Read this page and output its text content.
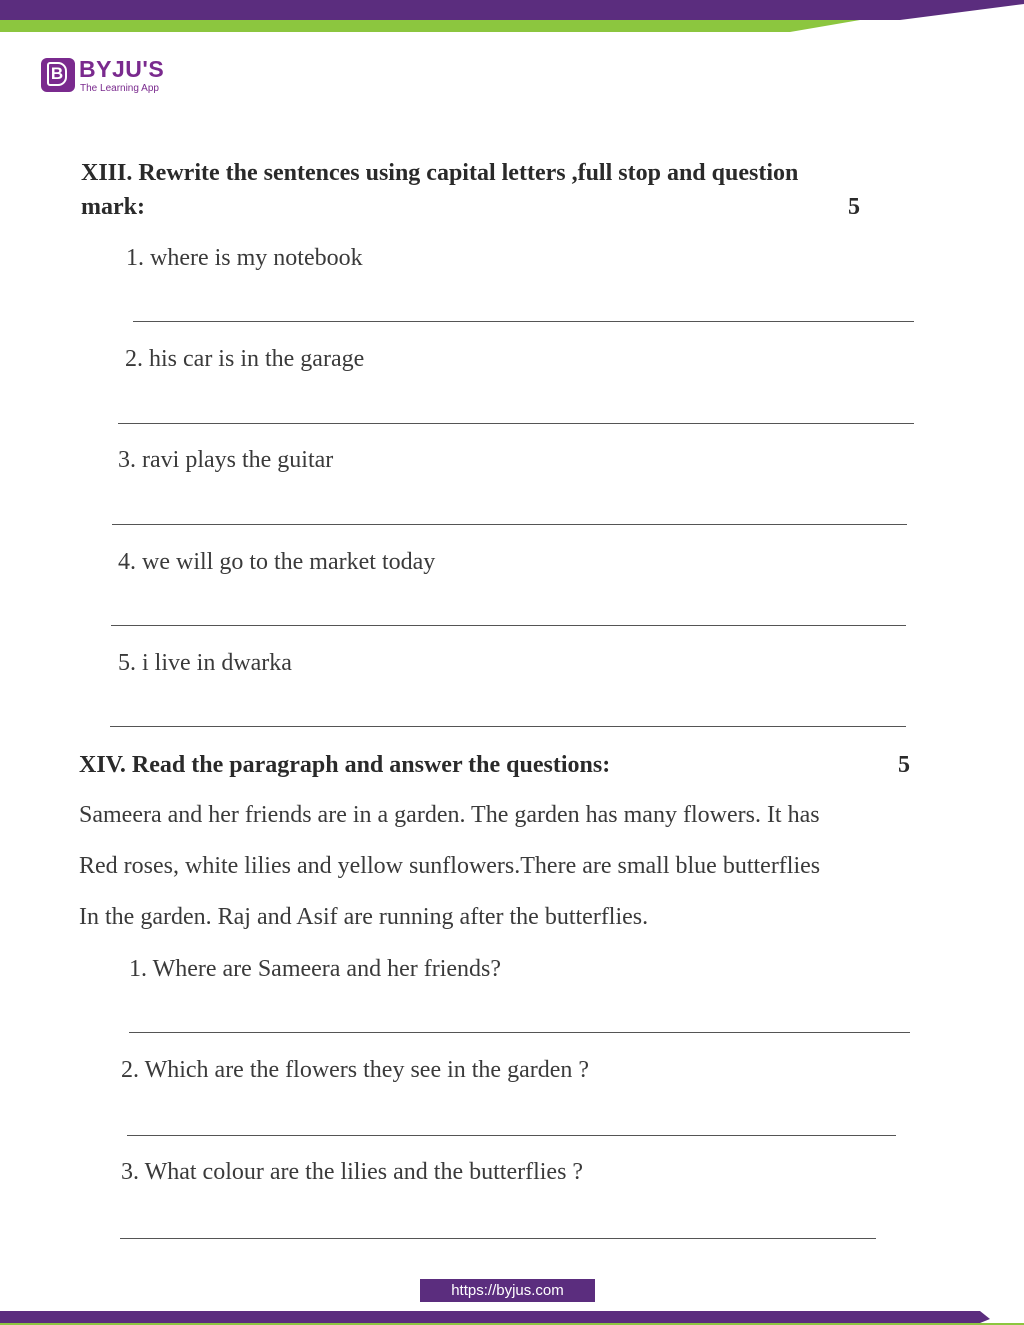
B BYJU'S
The Learning App
XIII. Rewrite the sentences using capital letters ,full stop and question
mark:	5
1. where is my notebook
2. his car is in the garage
3. ravi plays the guitar
4. we will go to the market today
5. i live in dwarka
XIV. Read the paragraph and answer the questions:	5
Sameera and her friends are in a garden. The garden has many flowers. It has
Red roses, white lilies and yellow sunflowers.There are small blue butterflies
In the garden. Raj and Asif are running after the butterflies.
1. Where are Sameera and her friends?
2. Which are the flowers they see in the garden ?
3. What colour are the lilies and the butterflies ?
https://byjus.com
